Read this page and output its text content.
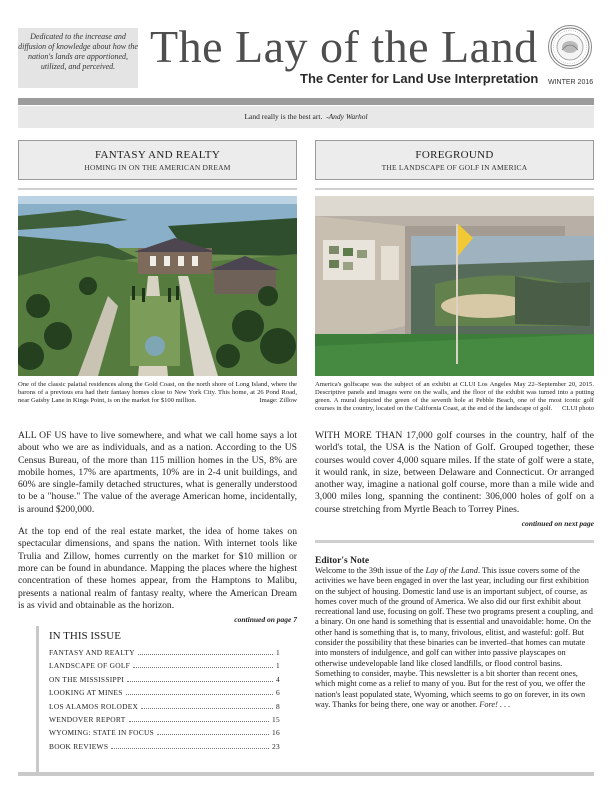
Dedicated to the increase and diffusion of knowledge about how the nation's lands are apportioned, utilized, and perceived. The Lay of the Land
The Center for Land Use Interpretation WINTER 2016
Land really is the best art. -Andy Warhol
FANTASY AND REALTY
HOMING IN ON THE AMERICAN DREAM
One of the classic palatial residences along the Gold Coast, on the north shore of Long Island, where the barons of a previous era had their fantasy homes close to New York City. This home, at 26 Pond Road, near Gatsby Lane in Kings Point, is on the market for $100 million.	Image: Zillow

ALL OF US have to live somewhere, and what we call home says a lot about who we are as individuals, and as a nation. According to the US Census Bureau, of the more than 115 million homes in the US, 8% are mobile homes, 17% are apartments, 10% are in 2-4 unit buildings, and 60% are single-family detached structures, what is generally understood to be a "house." The value of the average American home, incidentally, is around $200,000.

At the top end of the real estate market, the idea of home takes on spectacular dimensions, and spans the nation. With internet tools like Trulia and Zillow, homes currently on the market for $10 million or more can be found in abundance. Mapping the places where the highest concentration of these homes appear, from the Hamptons to Malibu, presents a national realm of fantasy realty, where the American Dream is as vivid and obtainable as the horizon.

continued on page 7
IN THIS ISSUE
FANTASY AND REALTY	1
LANDSCAPE OF GOLF	1
ON THE MISSISSIPPI	4
LOOKING AT MINES	6
LOS ALAMOS ROLODEX	8
WENDOVER REPORT	15
WYOMING: STATE IN FOCUS	16
BOOK REVIEWS	23
FOREGROUND
THE LANDSCAPE OF GOLF IN AMERICA
America's golfscape was the subject of an exhibit at CLUI Los Angeles May 22–September 20, 2015. Descriptive panels and images were on the walls, and the floor of the exhibit was turned into a putting green. A mural depicted the green of the seventh hole at Pebble Beach, one of the most iconic golf courses in the country, located on the California Coast, at the end of the landscape of golf. CLUI photo

WITH MORE THAN 17,000 golf courses in the country, half of the world's total, the USA is the Nation of Golf. Grouped together, these courses would cover 4,000 square miles. If the state of golf were a state, it would rank, in size, between Delaware and Connecticut. Or arranged another way, imagine a national golf course, more than a mile wide and 3,000 miles long, spanning the continent: 306,000 holes of golf on a course stretching from Myrtle Beach to Torrey Pines.

continued on next page
Editor's Note
Welcome to the 39th issue of the Lay of the Land. This issue covers some of the activities we have been engaged in over the last year, including our first exhibition on the subject of housing. Domestic land use is an important subject, of course, as homes cover much of the ground of America. We also did our first exhibit about recreational land use, focusing on golf. These two programs present a coupling, and a binary. On one hand is something that is essential and unavoidable: home. On the other hand is something that is, to many, frivolous, elitist, and wasteful: golf. But consider the possibility that these binaries can be inverted–that homes can mutate into monsters of indulgence, and golf can wither into passive playscapes on otherwise undevelopable land like closed landfills, or flood control basins. Something to consider, maybe. This newsletter is a bit shorter than recent ones, which might come as a relief to many of you. But for the rest of you, we offer the nation's least populated state, Wyoming, which seems to go on forever, in its own way. Thanks for being there, one way or another. Fore! . . .
